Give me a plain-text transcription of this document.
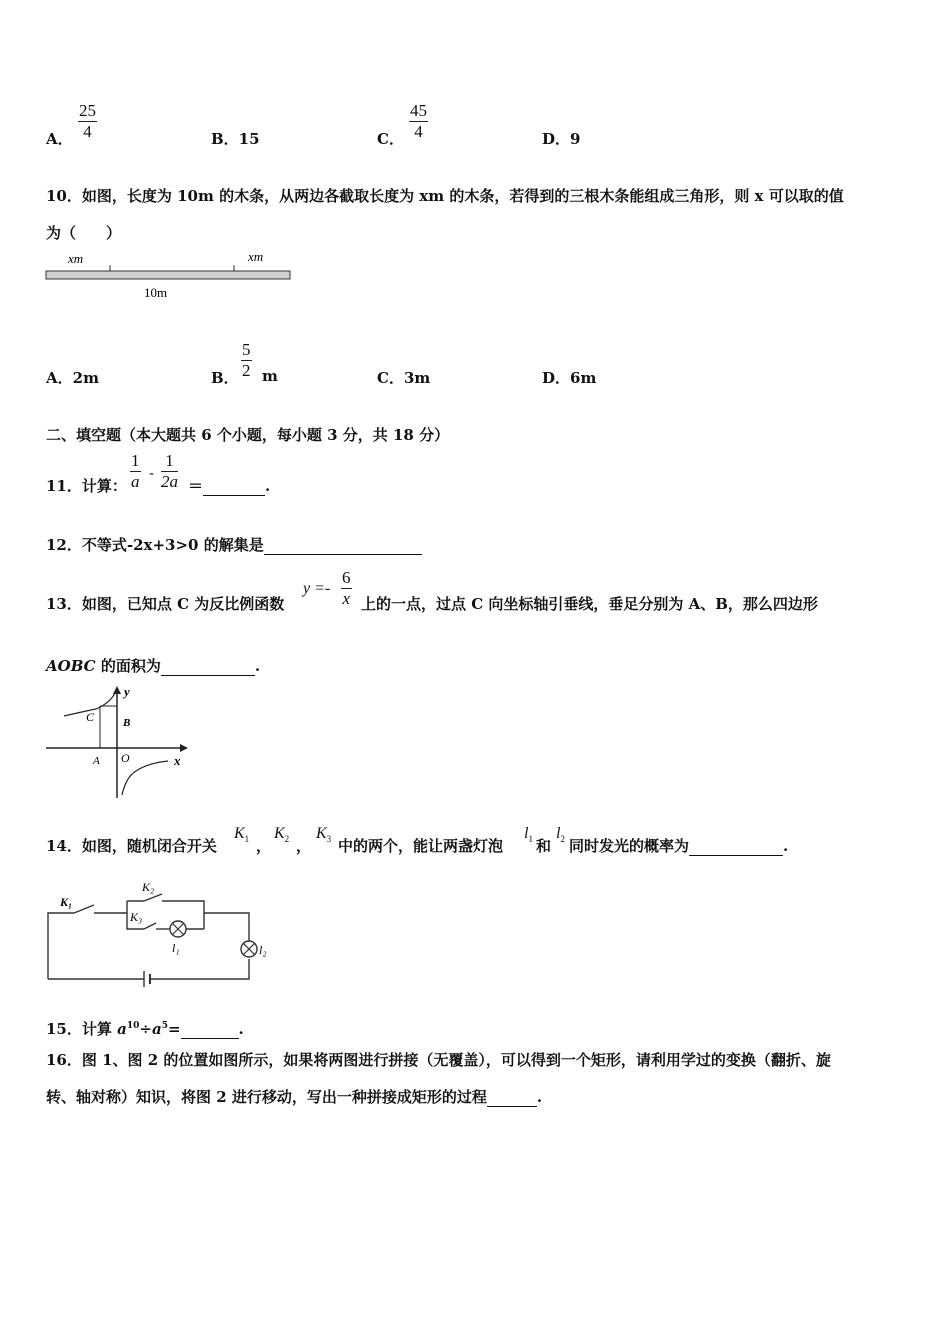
A． $\frac{25}{4}$	B．15	C． $\frac{45}{4}$	D．9
10．如图，长度为 10m 的木条，从两边各截取长度为 xm 的木条，若得到的三根木条能组成三角形，则 x 可以取的值
为（　　）
xm	xm
10m
A．2m	B． $\frac{5}{2}$ m	C．3m	D．6m
二、填空题（本大题共 6 个小题，每小题 3 分，共 18 分）
11．计算： $\frac{1}{a} - \frac{1}{2a}$ ＝	.
12．不等式-2x+3>0 的解集是
13．如图，已知点 C 为反比例函数
$y =- \frac{6}{x}$ 上的一点，过点 C 向坐标轴引垂线，垂足分别为 A、B，那么四边形
AOBC 的面积为	.
y
x
O
A
B
C
14．如图，随机闭合开关
$K_1$ ，
$K_2$ ，
$K_3$ 中的两个，能让两盏灯泡
$l_1$ 和
$l_2$ 同时发光的概率为	.
K₁
K₂
K₃
l₁	l₂
15．计算 $a^{10}\div a^5=$	.
16．图 1、图 2 的位置如图所示，如果将两图进行拼接（无覆盖），可以得到一个矩形，请利用学过的变换（翻折、旋
转、轴对称）知识，将图 2 进行移动，写出一种拼接成矩形的过程	.
